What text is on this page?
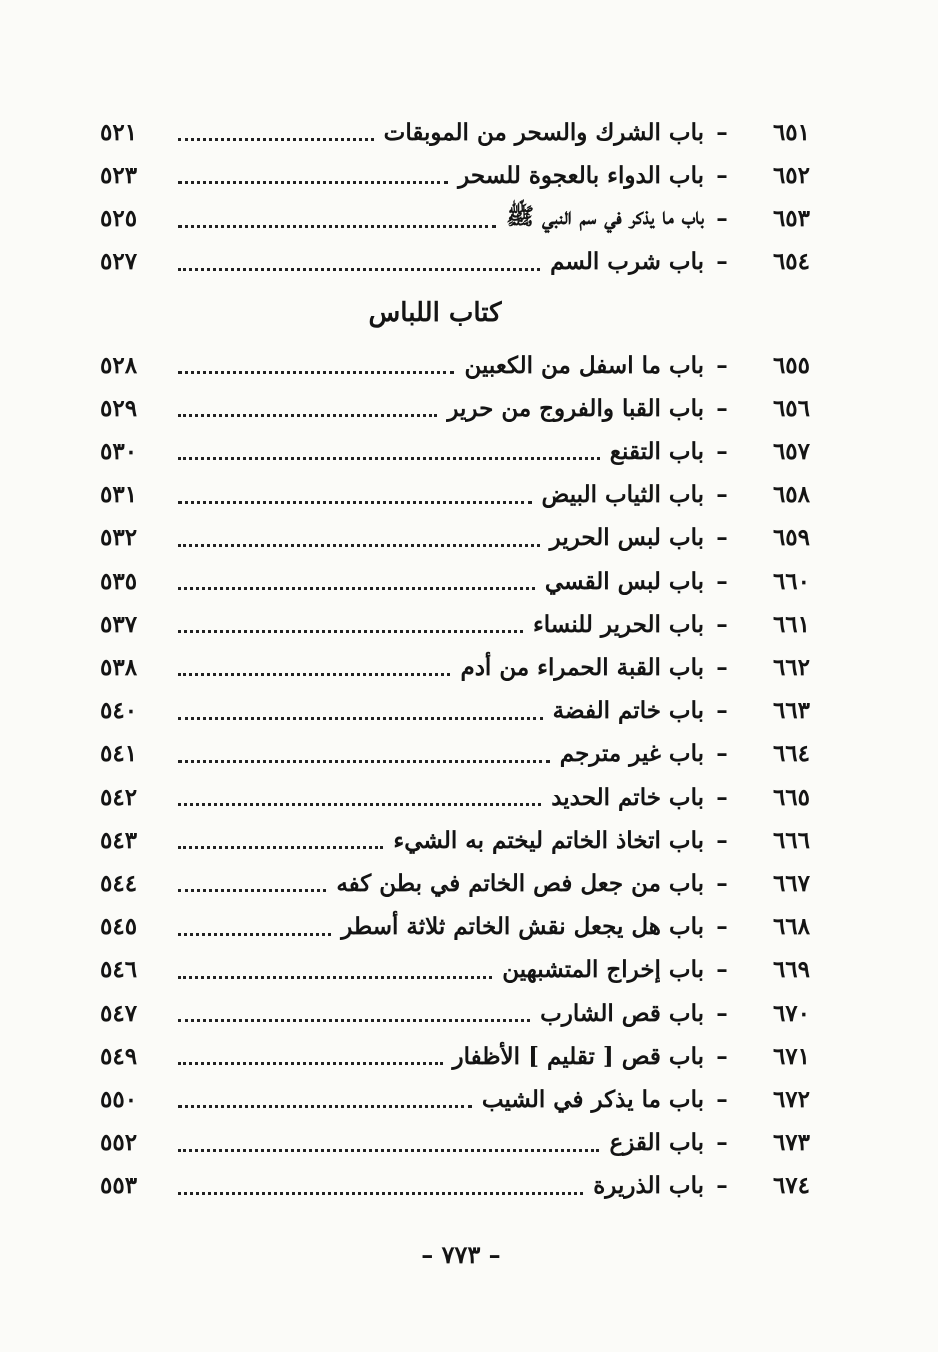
٦٥١
–
باب الشرك والسحر من الموبقات
٥٢١
٦٥٢
–
باب الدواء بالعجوة للسحر
٥٢٣
٦٥٣
–
باب ما يذكر في سم النبي ﷺ
٥٢٥
٦٥٤
–
باب شرب السم
٥٢٧
كتاب اللباس
٦٥٥
–
باب ما اسفل من الكعبين
٥٢٨
٦٥٦
–
باب القبا والفروج من حرير
٥٢٩
٦٥٧
–
باب التقنع
٥٣٠
٦٥٨
–
باب الثياب البيض
٥٣١
٦٥٩
–
باب لبس الحرير
٥٣٢
٦٦٠
–
باب لبس القسي
٥٣٥
٦٦١
–
باب الحرير للنساء
٥٣٧
٦٦٢
–
باب القبة الحمراء من أدم
٥٣٨
٦٦٣
–
باب خاتم الفضة
٥٤٠
٦٦٤
–
باب غير مترجم
٥٤١
٦٦٥
–
باب خاتم الحديد
٥٤٢
٦٦٦
–
باب اتخاذ الخاتم ليختم به الشيء
٥٤٣
٦٦٧
–
باب من جعل فص الخاتم في بطن كفه
٥٤٤
٦٦٨
–
باب هل يجعل نقش الخاتم ثلاثة أسطر
٥٤٥
٦٦٩
–
باب إخراج المتشبهين
٥٤٦
٦٧٠
–
باب قص الشارب
٥٤٧
٦٧١
–
باب قص [ تقليم ] الأظفار
٥٤٩
٦٧٢
–
باب ما يذكر في الشيب
٥٥٠
٦٧٣
–
باب القزع
٥٥٢
٦٧٤
–
باب الذريرة
٥٥٣
– ٧٧٣ –
